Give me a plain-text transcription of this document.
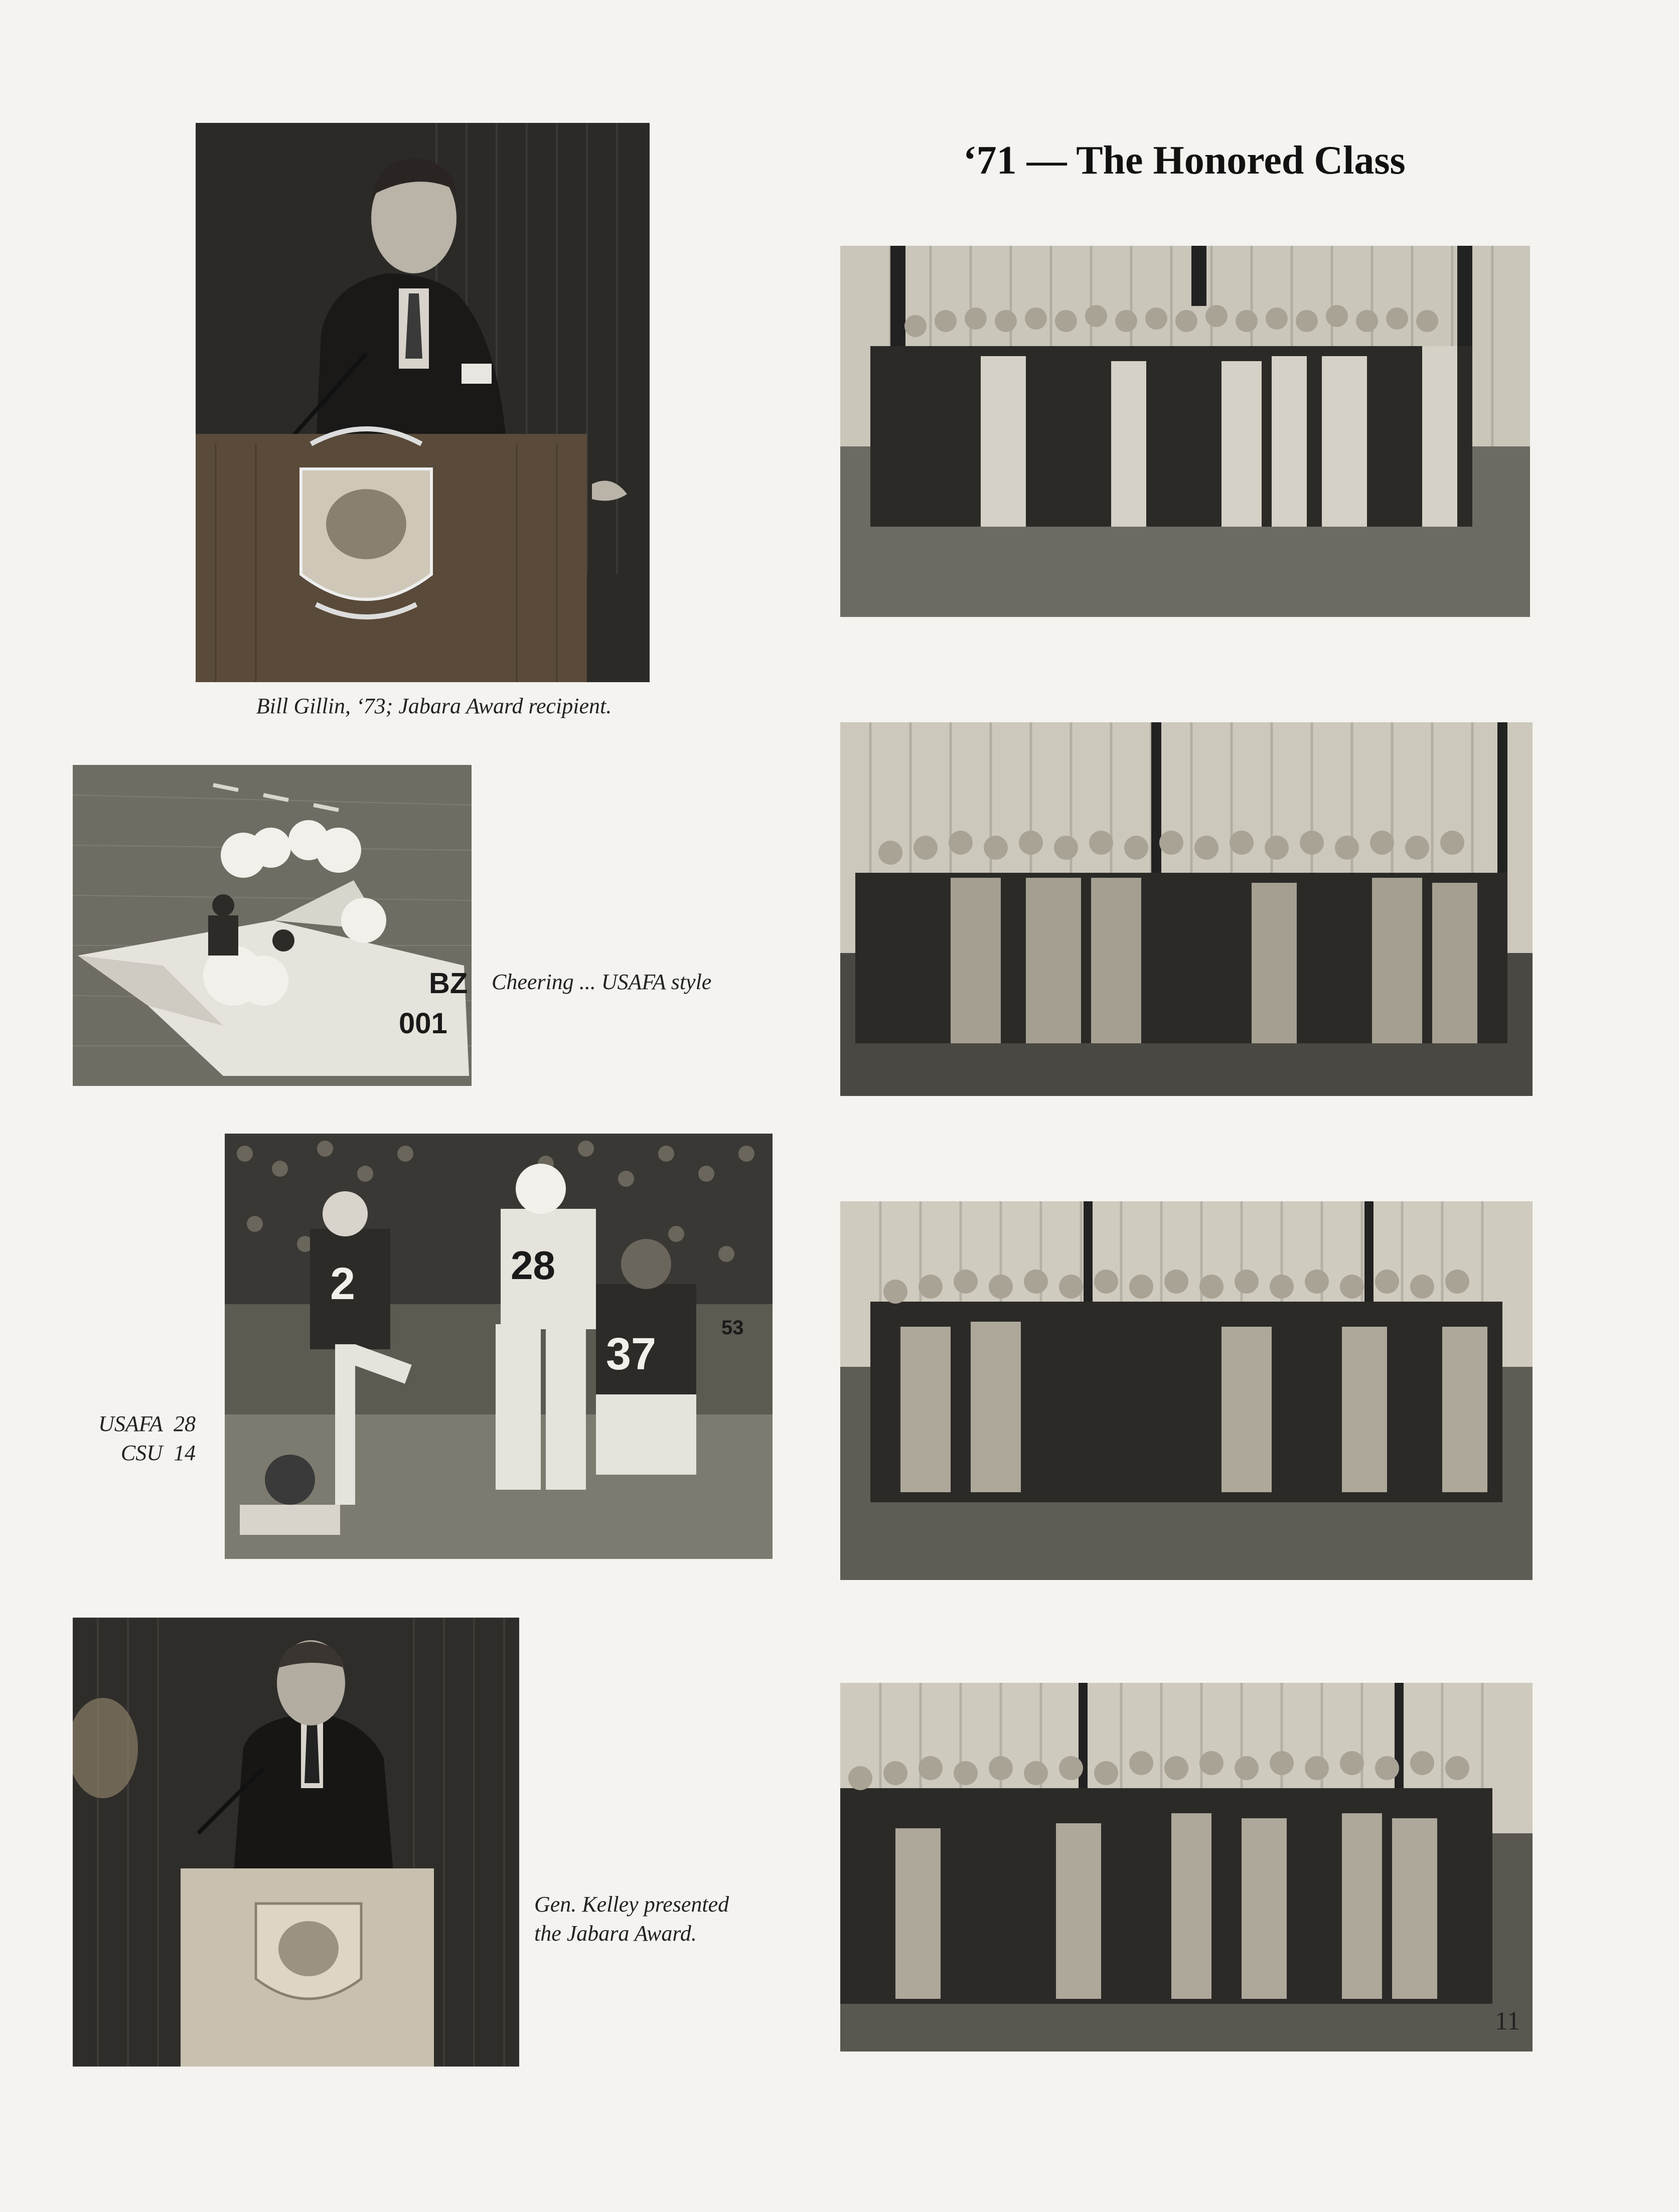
‘71 — The Honored Class

Bill Gillin, ‘73; Jabara Award recipient.

BZ
001

Cheering ... USAFA style

2	28
37
53
USAFA  28
CSU  14
Gen. Kelley presented
the Jabara Award.
11
